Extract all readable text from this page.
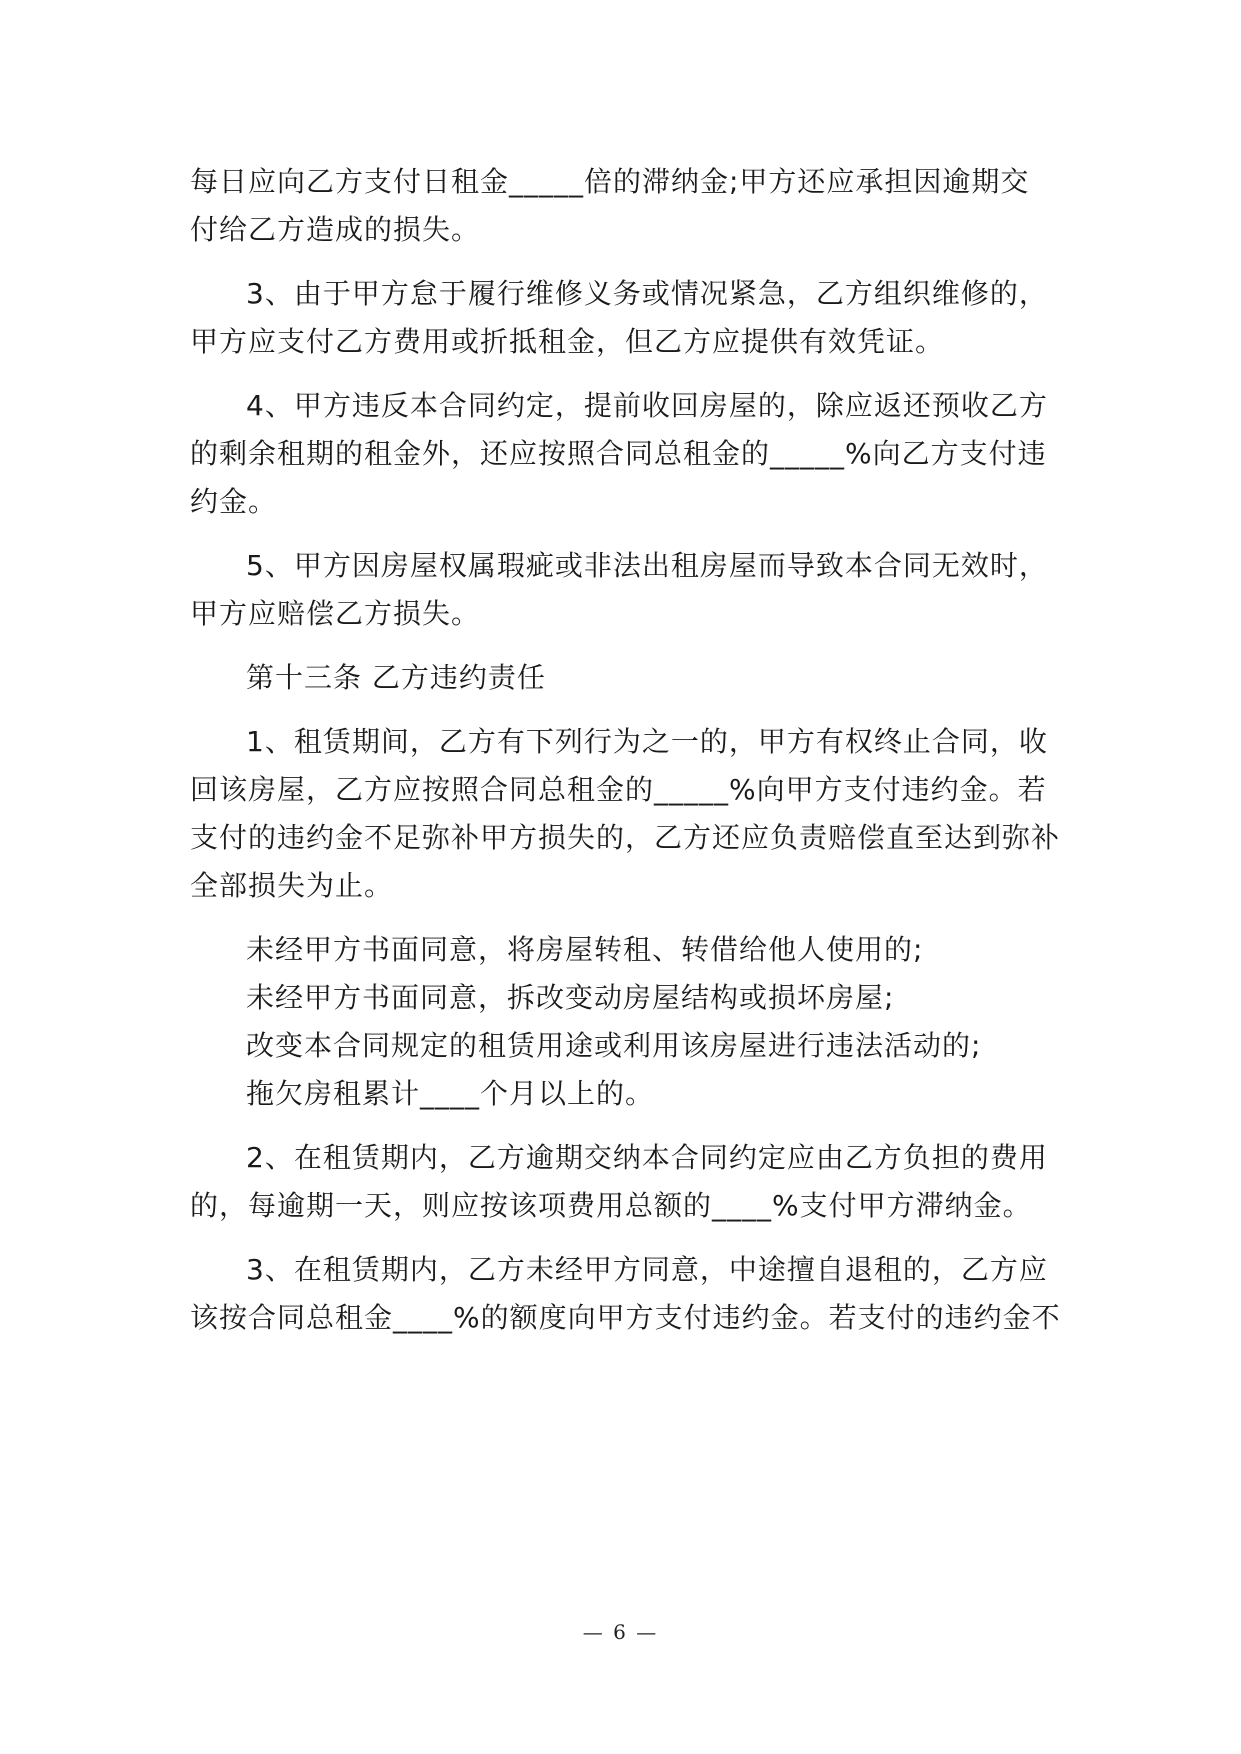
每日应向乙方支付日租金_____倍的滞纳金;甲方还应承担因逾期交
付给乙方造成的损失。
3、由于甲方怠于履行维修义务或情况紧急，乙方组织维修的，
甲方应支付乙方费用或折抵租金，但乙方应提供有效凭证。
4、甲方违反本合同约定，提前收回房屋的，除应返还预收乙方
的剩余租期的租金外，还应按照合同总租金的_____%向乙方支付违
约金。
5、甲方因房屋权属瑕疵或非法出租房屋而导致本合同无效时，
甲方应赔偿乙方损失。
第十三条 乙方违约责任
1、租赁期间，乙方有下列行为之一的，甲方有权终止合同，收
回该房屋，乙方应按照合同总租金的_____%向甲方支付违约金。若
支付的违约金不足弥补甲方损失的，乙方还应负责赔偿直至达到弥补
全部损失为止。
未经甲方书面同意，将房屋转租、转借给他人使用的;
未经甲方书面同意，拆改变动房屋结构或损坏房屋;
改变本合同规定的租赁用途或利用该房屋进行违法活动的;
拖欠房租累计____个月以上的。
2、在租赁期内，乙方逾期交纳本合同约定应由乙方负担的费用
的，每逾期一天，则应按该项费用总额的____%支付甲方滞纳金。
3、在租赁期内，乙方未经甲方同意，中途擅自退租的，乙方应
该按合同总租金____%的额度向甲方支付违约金。若支付的违约金不
— 6 —
